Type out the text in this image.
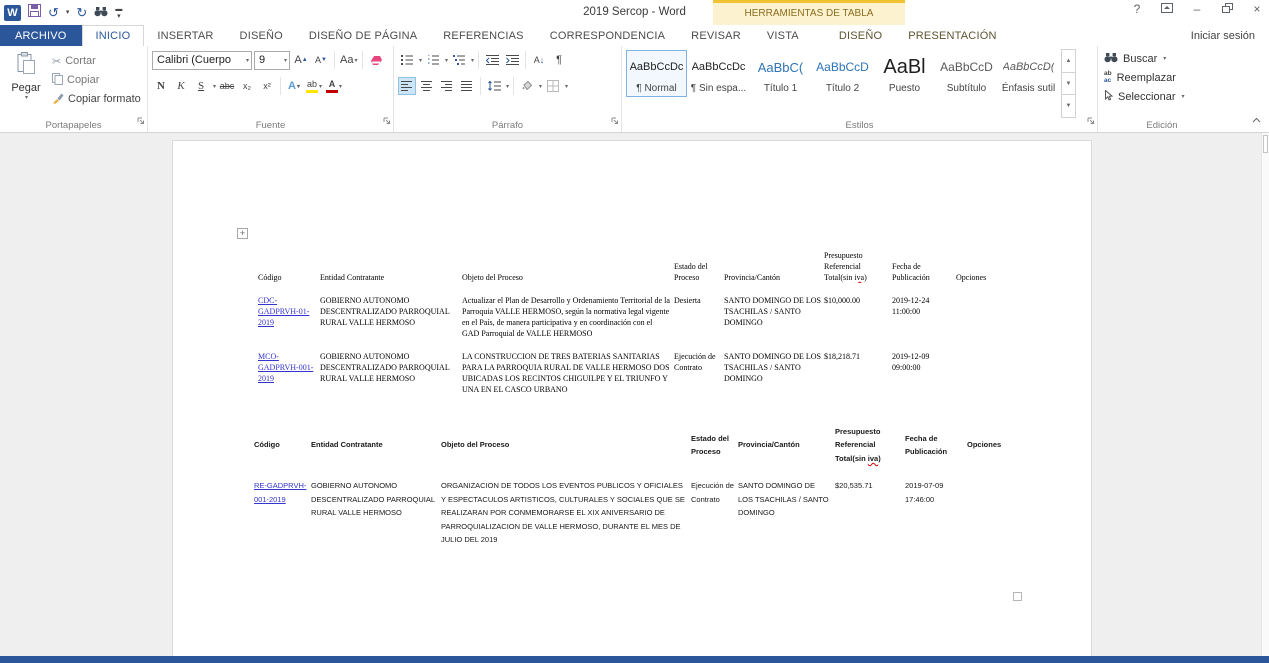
W ↺ ▾ ↻	▬
▾	2019 Sercop - Word	HERRAMIENTAS DE TABLA	?	–	×
ARCHIVO	INICIO	INSERTAR	DISEÑO	DISEÑO DE PÁGINA	REFERENCIAS	CORRESPONDENCIA	REVISAR	VISTA	DISEÑO	PRESENTACIÓN	Iniciar sesión
Pegar
▾
✂ Cortar
Copiar
Copiar formato
Portapapeles
Calibri (Cuerpo	▾ 9	▾ A ▲ A ▼ Aa ▾
N	K	S	▾ abc x₂	x²	A ▾ ab ▾ A ▾
Fuente
▾	▾	▾	A ↓	¶
▾	▾	▾
Párrafo
AaBbCcDc
¶ Normal
AaBbCcDc
¶ Sin espa...
AaBbC(
Título 1
AaBbCcD
Título 2
AaBl
Puesto
AaBbCcD
Subtítulo
AaBbCcD(
Énfasis sutil
▲
▼
▼
Estilos
Buscar ▾
ab
ac Reemplazar
Seleccionar ▾
Edición
+
Código	Entidad Contratante	Objeto del Proceso	Estado del Proceso	Provincia/Cantón	Presupuesto Referencial Total(sin iva)	Fecha de Publicación	Opciones
CDC-GADPRVH-01-2019	GOBIERNO AUTONOMO DESCENTRALIZADO PARROQUIAL RURAL VALLE HERMOSO	Actualizar el Plan de Desarrollo y Ordenamiento Territorial de la Parroquia VALLE HERMOSO, según la normativa legal vigente en el País, de manera participativa y en coordinación con el GAD Parroquial de VALLE HERMOSO	Desierta	SANTO DOMINGO DE LOS TSACHILAS / SANTO DOMINGO	$10,000.00	2019-12-24 11:00:00	
MCO-GADPRVH-001-2019	GOBIERNO AUTONOMO DESCENTRALIZADO PARROQUIAL RURAL VALLE HERMOSO	LA CONSTRUCCION DE TRES BATERIAS SANITARIAS PARA LA PARROQUIA RURAL DE VALLE HERMOSO DOS UBICADAS LOS RECINTOS CHIGUILPE Y EL TRIUNFO Y UNA EN EL CASCO URBANO	Ejecución de Contrato	SANTO DOMINGO DE LOS TSACHILAS / SANTO DOMINGO	$18,218.71	2019-12-09 09:00:00	
Código	Entidad Contratante	Objeto del Proceso	Estado del Proceso	Provincia/Cantón	Presupuesto Referencial Total(sin iva)	Fecha de Publicación	Opciones
RE-GADPRVH-001-2019	GOBIERNO AUTONOMO DESCENTRALIZADO PARROQUIAL RURAL VALLE HERMOSO	ORGANIZACION DE TODOS LOS EVENTOS PUBLICOS Y OFICIALES Y ESPECTACULOS ARTISTICOS, CULTURALES Y SOCIALES QUE SE REALIZARAN POR CONMEMORARSE EL XIX ANIVERSARIO DE PARROQUIALIZACION DE VALLE HERMOSO, DURANTE EL MES DE JULIO DEL 2019	Ejecución de Contrato	SANTO DOMINGO DE LOS TSACHILAS / SANTO DOMINGO	$20,535.71	2019-07-09 17:46:00	
